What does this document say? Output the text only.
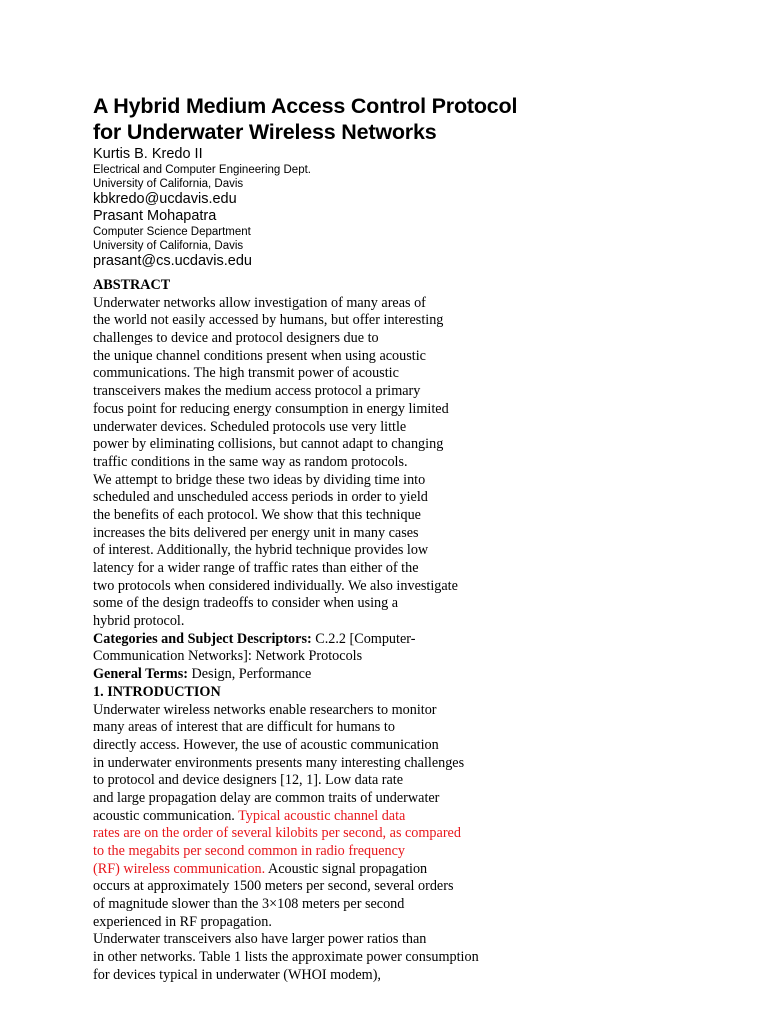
A Hybrid Medium Access Control Protocol
for Underwater Wireless Networks
Kurtis B. Kredo II
Electrical and Computer Engineering Dept.
University of California, Davis
kbkredo@ucdavis.edu
Prasant Mohapatra
Computer Science Department
University of California, Davis
prasant@cs.ucdavis.edu
ABSTRACT
Underwater networks allow investigation of many areas of
the world not easily accessed by humans, but offer interesting
challenges to device and protocol designers due to
the unique channel conditions present when using acoustic
communications. The high transmit power of acoustic
transceivers makes the medium access protocol a primary
focus point for reducing energy consumption in energy limited
underwater devices. Scheduled protocols use very little
power by eliminating collisions, but cannot adapt to changing
traffic conditions in the same way as random protocols.
We attempt to bridge these two ideas by dividing time into
scheduled and unscheduled access periods in order to yield
the benefits of each protocol. We show that this technique
increases the bits delivered per energy unit in many cases
of interest. Additionally, the hybrid technique provides low
latency for a wider range of traffic rates than either of the
two protocols when considered individually. We also investigate
some of the design tradeoffs to consider when using a
hybrid protocol.
Categories and Subject Descriptors: C.2.2 [Computer-
Communication Networks]: Network Protocols
General Terms: Design, Performance
1. INTRODUCTION
Underwater wireless networks enable researchers to monitor
many areas of interest that are difficult for humans to
directly access. However, the use of acoustic communication
in underwater environments presents many interesting challenges
to protocol and device designers [12, 1]. Low data rate
and large propagation delay are common traits of underwater
acoustic communication. Typical acoustic channel data
rates are on the order of several kilobits per second, as compared
to the megabits per second common in radio frequency
(RF) wireless communication. Acoustic signal propagation
occurs at approximately 1500 meters per second, several orders
of magnitude slower than the 3×108 meters per second
experienced in RF propagation.
Underwater transceivers also have larger power ratios than
in other networks. Table 1 lists the approximate power consumption
for devices typical in underwater (WHOI modem),
